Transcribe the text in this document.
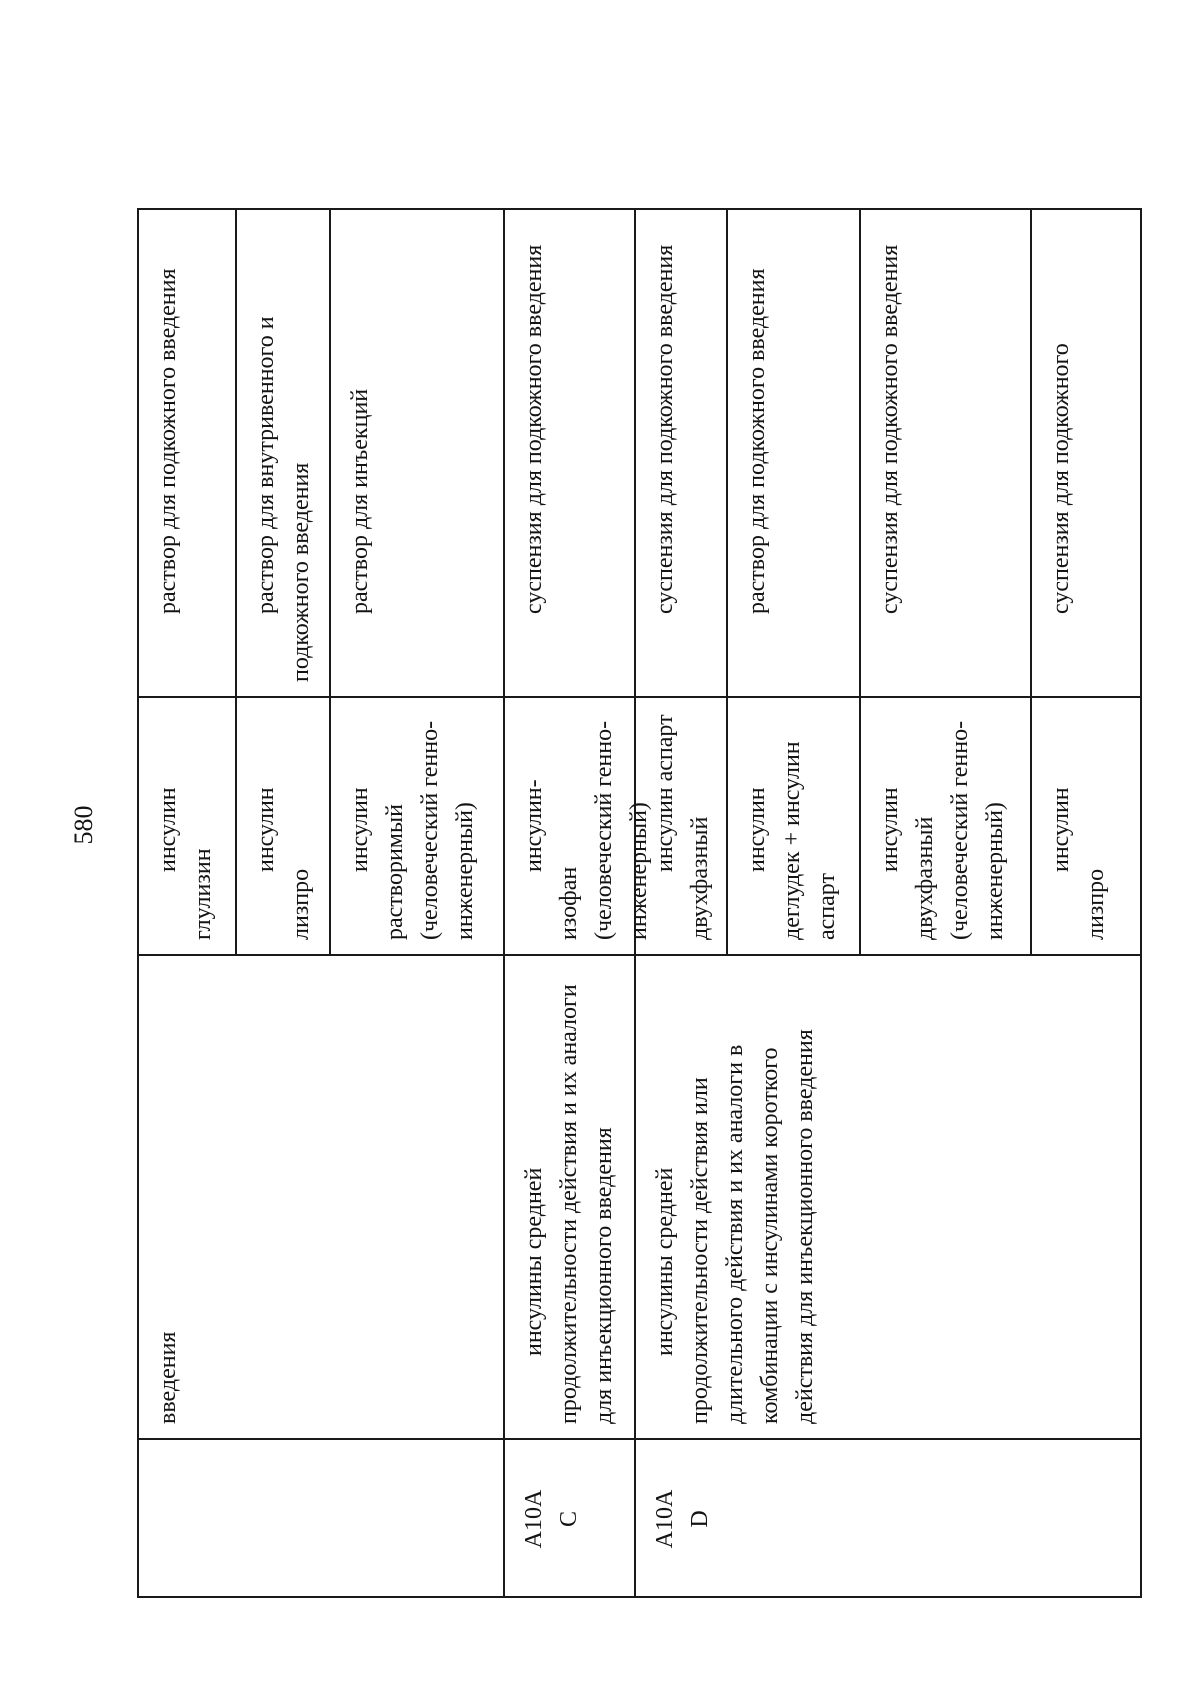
580
введения
инсулин глулизин
раствор для подкожного введения
инсулин лизпро
раствор для внутривенного и подкожного введения
инсулин растворимый (человеческий генно-инженерный)
раствор для инъекций
A10A C
инсулины средней продолжительности действия и их аналоги для инъекционного введения
инсулин-изофан (человеческий генно-инженерный)
суспензия для подкожного введения
A10A D
инсулины средней продолжительности действия или длительного действия и их аналоги в комбинации с инсулинами короткого действия для инъекционного введения
инсулин аспарт двухфазный
суспензия для подкожного введения
инсулин деглудек + инсулин аспарт
раствор для подкожного введения
инсулин двухфазный (человеческий генно-инженерный)
суспензия для подкожного введения
инсулин лизпро
суспензия для подкожного
